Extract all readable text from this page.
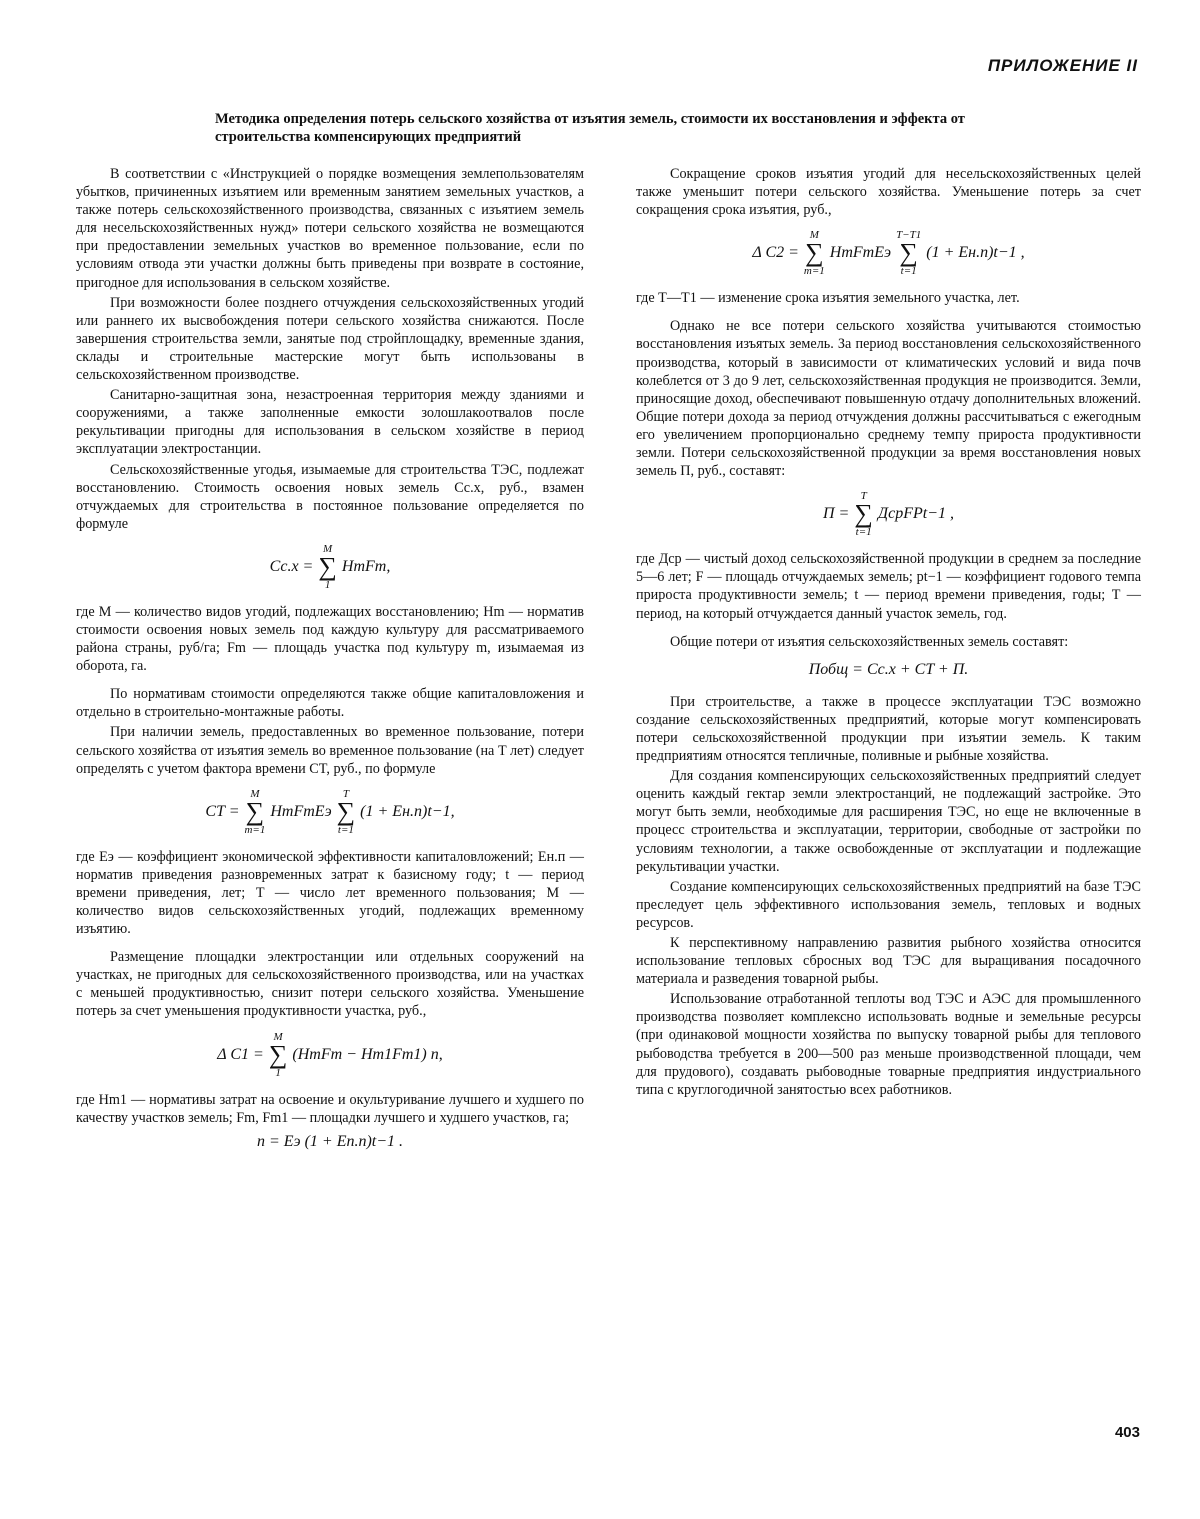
ПРИЛОЖЕНИЕ II

Методика определения потерь сельского хозяйства от изъятия земель, стоимости их восстановления и эффекта от строительства компенсирующих предприятий

В соответствии с «Инструкцией о порядке возмещения землепользователям убытков, причиненных изъятием или временным занятием земельных участков, а также потерь сельскохозяйственного производства, связанных с изъятием земель для несельскохозяйственных нужд» потери сельского хозяйства не возмещаются при предоставлении земельных участков во временное пользование, если по условиям отвода эти участки должны быть приведены при возврате в состояние, пригодное для использования в сельском хозяйстве.

При возможности более позднего отчуждения сельскохозяйственных угодий или раннего их высвобождения потери сельского хозяйства снижаются. После завершения строительства земли, занятые под стройплощадку, временные здания, склады и строительные мастерские могут быть использованы в сельскохозяйственном производстве.

Санитарно-защитная зона, незастроенная территория между зданиями и сооружениями, а также заполненные емкости золошлакоотвалов после рекультивации пригодны для использования в сельском хозяйстве в период эксплуатации электростанции.

Сельскохозяйственные угодья, изымаемые для строительства ТЭС, подлежат восстановлению. Стоимость освоения новых земель Cс.х, руб., взамен отчуждаемых для строительства в постоянное пользование определяется по формуле

Cс.х =
M
∑
1
HmFm,

где M — количество видов угодий, подлежащих восстановлению; Hm — норматив стоимости освоения новых земель под каждую культуру для рассматриваемого района страны, руб/га; Fm — площадь участка под культуру m, изымаемая из оборота, га.

По нормативам стоимости определяются также общие капиталовложения и отдельно в строительно-монтажные работы.

При наличии земель, предоставленных во временное пользование, потери сельского хозяйства от изъятия земель во временное пользование (на T лет) следует определять с учетом фактора времени CT, руб., по формуле

CT =
M
∑
m=1
HmFmEэ
T
∑
t=1
(1 + Eн.п)t−1,

где Eэ — коэффициент экономической эффективности капиталовложений; Eн.п — норматив приведения разновременных затрат к базисному году; t — период времени приведения, лет; T — число лет временного пользования; M — количество видов сельскохозяйственных угодий, подлежащих временному изъятию.

Размещение площадки электростанции или отдельных сооружений на участках, не пригодных для сельскохозяйственного производства, или на участках с меньшей продуктивностью, снизит потери сельского хозяйства. Уменьшение потерь за счет уменьшения продуктивности участка, руб.,

Δ C1 =
M
∑
1
(HmFm − Hm1Fm1) n,

где Hm1 — нормативы затрат на освоение и окультуривание лучшего и худшего по качеству участков земель; Fm, Fm1 — площадки лучшего и худшего участков, га;

n = Eэ (1 + Eп.п)t−1 .

Сокращение сроков изъятия угодий для несельскохозяйственных целей также уменьшит потери сельского хозяйства. Уменьшение потерь за счет сокращения срока изъятия, руб.,

Δ C2 =
M
∑
m=1
HmFmEэ
T−T1
∑
t=1
(1 + Eн.п)t−1 ,

где T—T1 — изменение срока изъятия земельного участка, лет.

Однако не все потери сельского хозяйства учитываются стоимостью восстановления изъятых земель. За период восстановления сельскохозяйственного производства, который в зависимости от климатических условий и вида почв колеблется от 3 до 9 лет, сельскохозяйственная продукция не производится. Земли, приносящие доход, обеспечивают повышенную отдачу дополнительных вложений. Общие потери дохода за период отчуждения должны рассчитываться с ежегодным его увеличением пропорционально среднему темпу прироста продуктивности земли. Потери сельскохозяйственной продукции за время восстановления новых земель П, руб., составят:

П =
T
∑
t=1
ДсрFPt−1 ,

где Дср — чистый доход сельскохозяйственной продукции в среднем за последние 5—6 лет; F — площадь отчуждаемых земель; pt−1 — коэффициент годового темпа прироста продуктивности земель; t — период времени приведения, годы; T — период, на который отчуждается данный участок земель, год.

Общие потери от изъятия сельскохозяйственных земель составят:

Побщ = Cс.х + CT + П.

При строительстве, а также в процессе эксплуатации ТЭС возможно создание сельскохозяйственных предприятий, которые могут компенсировать потери сельскохозяйственной продукции при изъятии земель. К таким предприятиям относятся тепличные, поливные и рыбные хозяйства.

Для создания компенсирующих сельскохозяйственных предприятий следует оценить каждый гектар земли электростанций, не подлежащий застройке. Это могут быть земли, необходимые для расширения ТЭС, но еще не включенные в процесс строительства и эксплуатации, территории, свободные от застройки по условиям технологии, а также освобожденные от эксплуатации и подлежащие рекультивации участки.

Создание компенсирующих сельскохозяйственных предприятий на базе ТЭС преследует цель эффективного использования земель, тепловых и водных ресурсов.

К перспективному направлению развития рыбного хозяйства относится использование тепловых сбросных вод ТЭС для выращивания посадочного материала и разведения товарной рыбы.

Использование отработанной теплоты вод ТЭС и АЭС для промышленного производства позволяет комплексно использовать водные и земельные ресурсы (при одинаковой мощности хозяйства по выпуску товарной рыбы для теплового рыбоводства требуется в 200—500 раз меньше производственной площади, чем для прудового), создавать рыбоводные товарные предприятия индустриального типа с круглогодичной занятостью всех работников.

403
